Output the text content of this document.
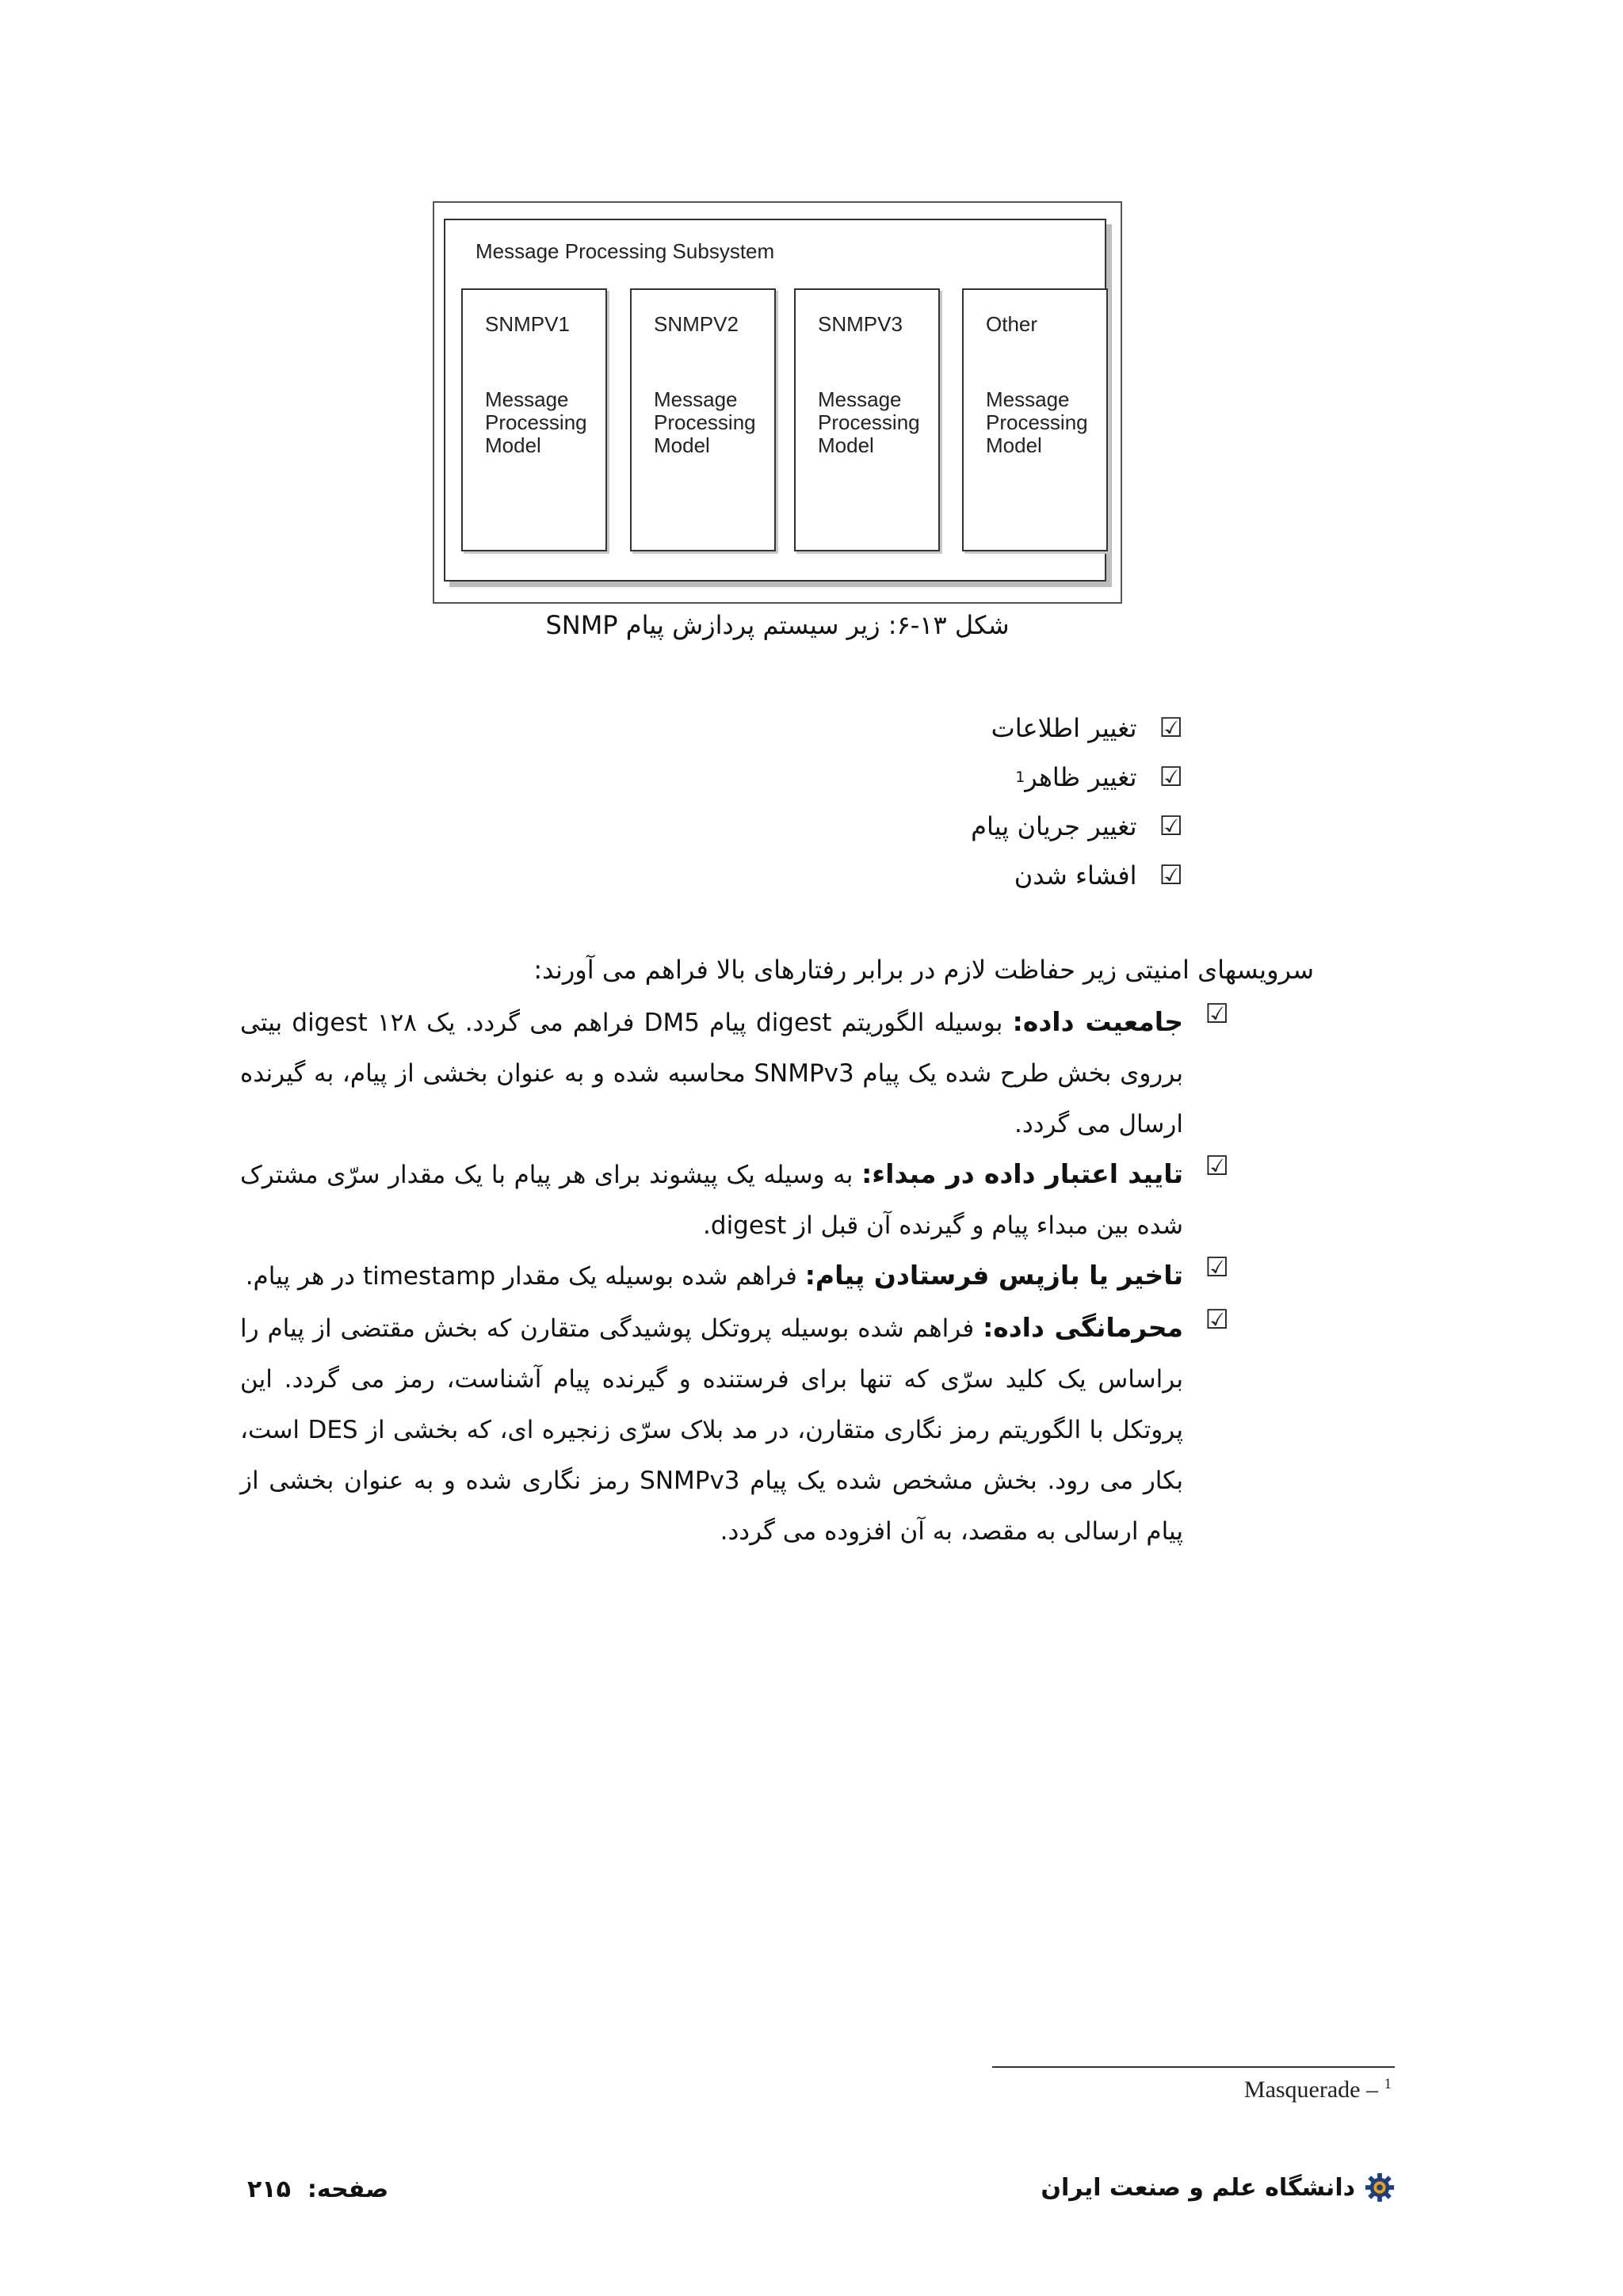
Message Processing Subsystem
SNMPV1
Message Processing Model
SNMPV2
Message Processing Model
SNMPV3
Message Processing Model
Other
Message Processing Model
شکل ۱۳-۶: زیر سیستم پردازش پیام SNMP
☑
تغییر اطلاعات
☑
تغییر ظاهر
1
☑
تغییر جریان پیام
☑
افشاء شدن
سرویسهای امنیتی زیر حفاظت لازم در برابر رفتارهای بالا فراهم می آورند:
☑

جامعیت داده: بوسیله الگوریتم digest پیام DM5 فراهم می گردد. یک digest ۱۲۸ بیتی برروی بخش طرح شده یک پیام SNMPv3 محاسبه شده و به عنوان بخشی از پیام، به گیرنده ارسال می گردد.

☑

تایید اعتبار داده در مبداء: به وسیله یک پیشوند برای هر پیام با یک مقدار سرّی مشترک شده بین مبداء پیام و گیرنده آن قبل از digest.

☑

تاخیر یا بازپس فرستادن پیام: فراهم شده بوسیله یک مقدار timestamp در هر پیام.

☑

محرمانگی داده: فراهم شده بوسیله پروتکل پوشیدگی متقارن که بخش مقتضی از پیام را براساس یک کلید سرّی که تنها برای فرستنده و گیرنده پیام آشناست، رمز می گردد. این پروتکل با الگوریتم رمز نگاری متقارن، در مد بلاک سرّی زنجیره ای، که بخشی از DES است، بکار می رود. بخش مشخص شده یک پیام SNMPv3 رمز نگاری شده و به عنوان بخشی از پیام ارسالی به مقصد، به آن افزوده می گردد.

Masquerade – $^1$
دانشگاه علم و صنعت ایران
صفحه:  ۲۱۵
